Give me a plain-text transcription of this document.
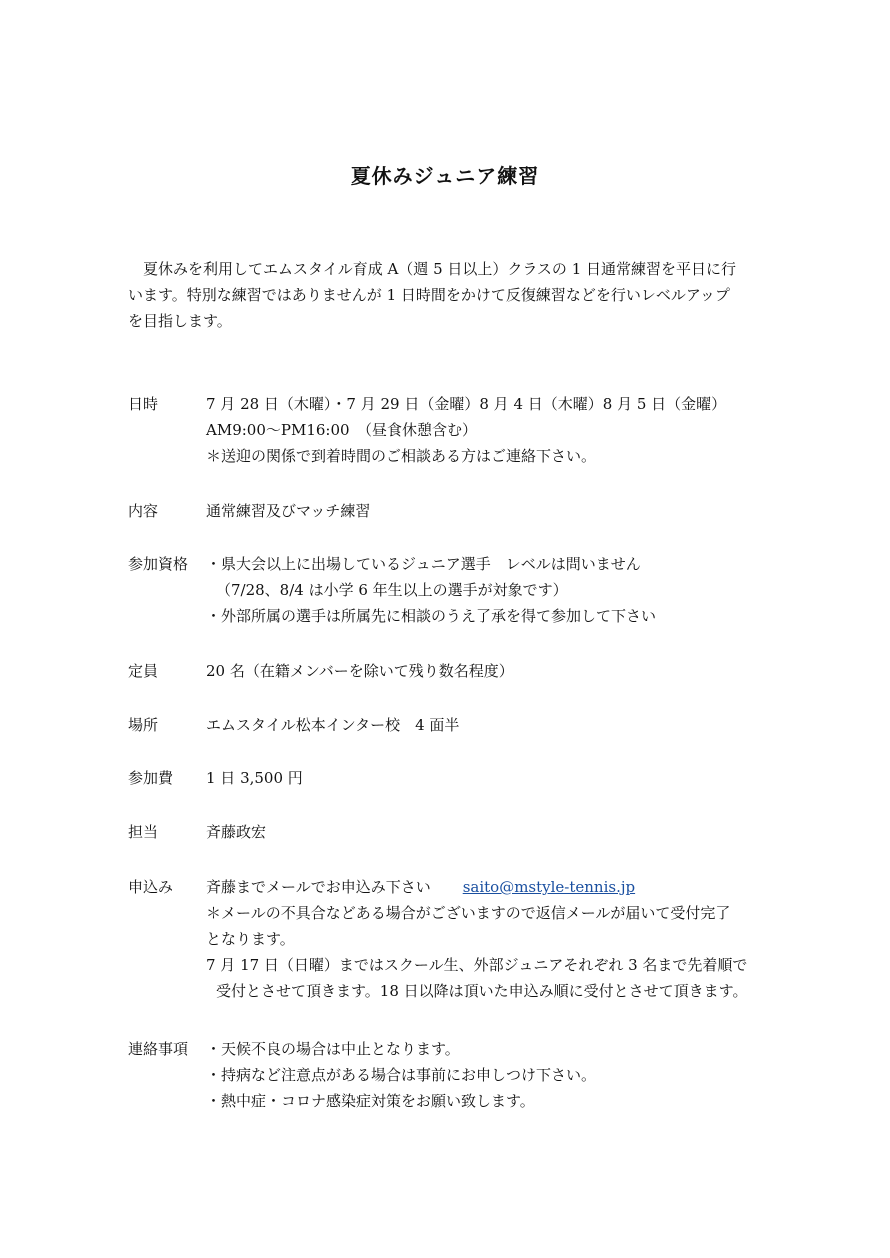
夏休みジュニア練習

夏休みを利用してエムスタイル育成 A（週 5 日以上）クラスの 1 日通常練習を平日に行

います。特別な練習ではありませんが 1 日時間をかけて反復練習などを行いレベルアップ

を目指します。

日時	7 月 28 日（木曜）・7 月 29 日（金曜）8 月 4 日（木曜）8 月 5 日（金曜）
AM9:00～PM16:00　（昼食休憩含む）
＊送迎の関係で到着時間のご相談ある方はご連絡下さい。
内容	通常練習及びマッチ練習
参加資格 ・県大会以上に出場しているジュニア選手　レベルは問いません
（7/28、8/4 は小学 6 年生以上の選手が対象です）
・外部所属の選手は所属先に相談のうえ了承を得て参加して下さい
定員	20 名（在籍メンバーを除いて残り数名程度）
場所	エムスタイル松本インター校　4 面半
参加費 1 日 3,500 円
担当	斉藤政宏
申込み 斉藤までメールでお申込み下さい saito@mstyle-tennis.jp
＊メールの不具合などある場合がございますので返信メールが届いて受付完了
となります。
7 月 17 日（日曜）まではスクール生、外部ジュニアそれぞれ 3 名まで先着順で
受付とさせて頂きます。18 日以降は頂いた申込み順に受付とさせて頂きます。
連絡事項 ・天候不良の場合は中止となります。
・持病など注意点がある場合は事前にお申しつけ下さい。
・熱中症・コロナ感染症対策をお願い致します。
